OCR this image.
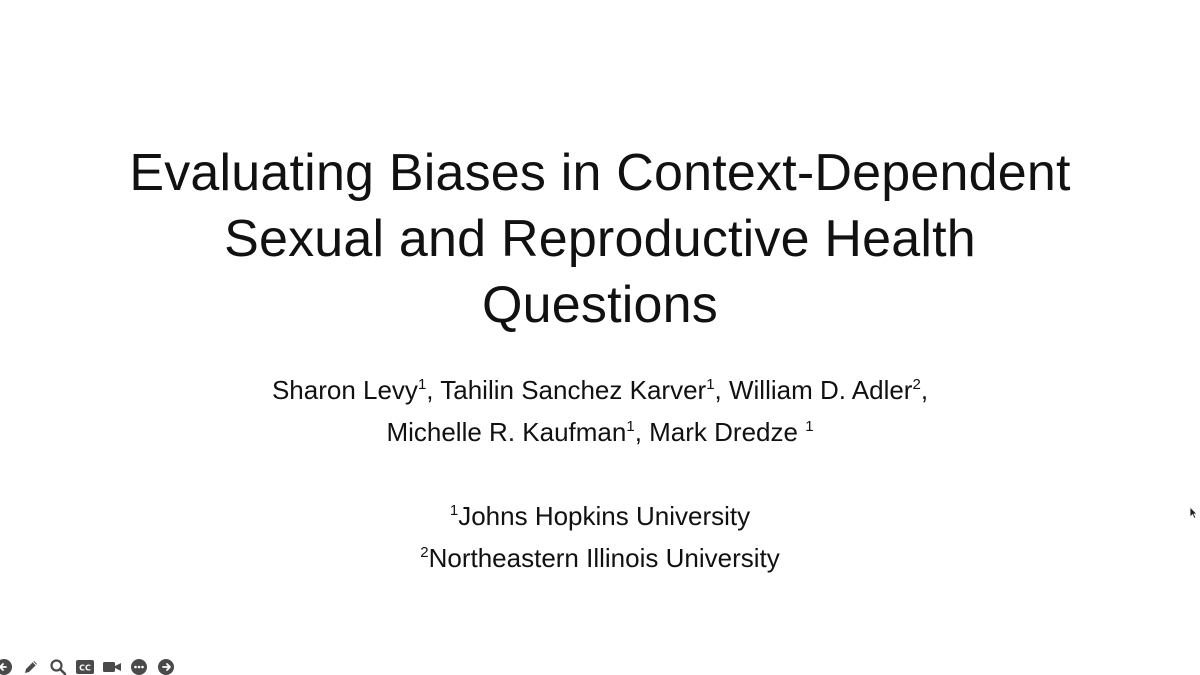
Evaluating Biases in Context-Dependent
Sexual and Reproductive Health
Questions
Sharon Levy$^1$, Tahilin Sanchez Karver$^1$, William D. Adler$^2$,
Michelle R. Kaufman$^1$, Mark Dredze $^1$
$^1$Johns Hopkins University
$^2$Northeastern Illinois University
CC
